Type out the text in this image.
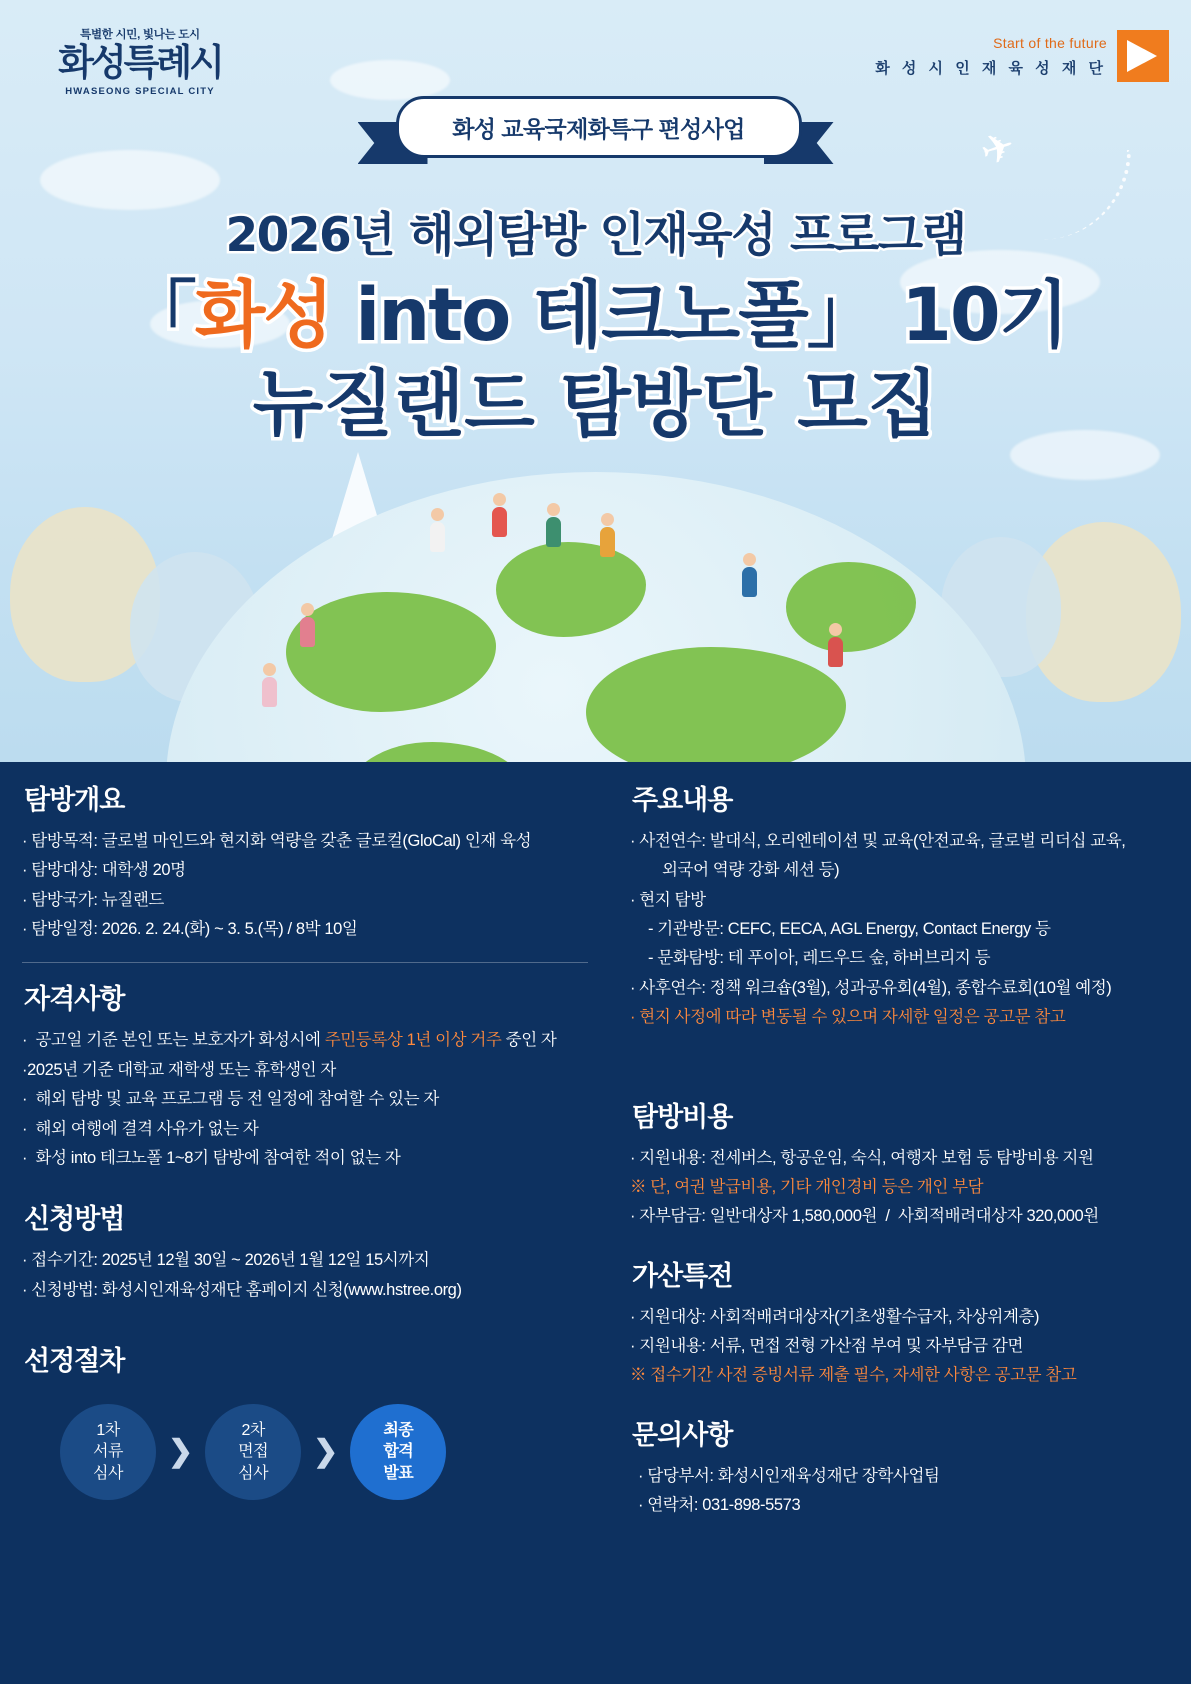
특별한 시민, 빛나는 도시
화성특례시
HWASEONG SPECIAL CITY
Start of the future
화 성 시 인 재 육 성 재 단
화성 교육국제화특구 편성사업	✈
2026년 해외탐방 인재육성 프로그램
「화성 into 테크노폴」 10기
뉴질랜드 탐방단 모집
탐방개요
· 탐방목적: 글로벌 마인드와 현지화 역량을 갖춘 글로컬(GloCal) 인재 육성
· 탐방대상: 대학생 20명
· 탐방국가: 뉴질랜드
· 탐방일정: 2026. 2. 24.(화) ~ 3. 5.(목) / 8박 10일
자격사항
·  공고일 기준 본인 또는 보호자가 화성시에 주민등록상 1년 이상 거주 중인 자
·2025년 기준 대학교 재학생 또는 휴학생인 자
·  해외 탐방 및 교육 프로그램 등 전 일정에 참여할 수 있는 자
·  해외 여행에 결격 사유가 없는 자
·  화성 into 테크노폴 1~8기 탐방에 참여한 적이 없는 자
신청방법
· 접수기간: 2025년 12월 30일 ~ 2026년 1월 12일 15시까지
· 신청방법: 화성시인재육성재단 홈페이지 신청(www.hstree.org)
선정절차
1차
서류
심사
❯
2차
면접
심사
❯
최종
합격
발표
주요내용
· 사전연수: 발대식, 오리엔테이션 및 교육(안전교육, 글로벌 리더십 교육,
외국어 역량 강화 세션 등)
· 현지 탐방
- 기관방문: CEFC, EECA, AGL Energy, Contact Energy 등
- 문화탐방: 테 푸이아, 레드우드 숲, 하버브리지 등
· 사후연수: 정책 워크숍(3월), 성과공유회(4월), 종합수료회(10월 예정)
· 현지 사정에 따라 변동될 수 있으며 자세한 일정은 공고문 참고
탐방비용
· 지원내용: 전세버스, 항공운임, 숙식, 여행자 보험 등 탐방비용 지원
※ 단, 여권 발급비용, 기타 개인경비 등은 개인 부담
· 자부담금: 일반대상자 1,580,000원  /  사회적배려대상자 320,000원
가산특전
· 지원대상: 사회적배려대상자(기초생활수급자, 차상위계층)
· 지원내용: 서류, 면접 전형 가산점 부여 및 자부담금 감면
※ 접수기간 사전 증빙서류 제출 필수, 자세한 사항은 공고문 참고
문의사항
· 담당부서: 화성시인재육성재단 장학사업팀
· 연락처: 031-898-5573
